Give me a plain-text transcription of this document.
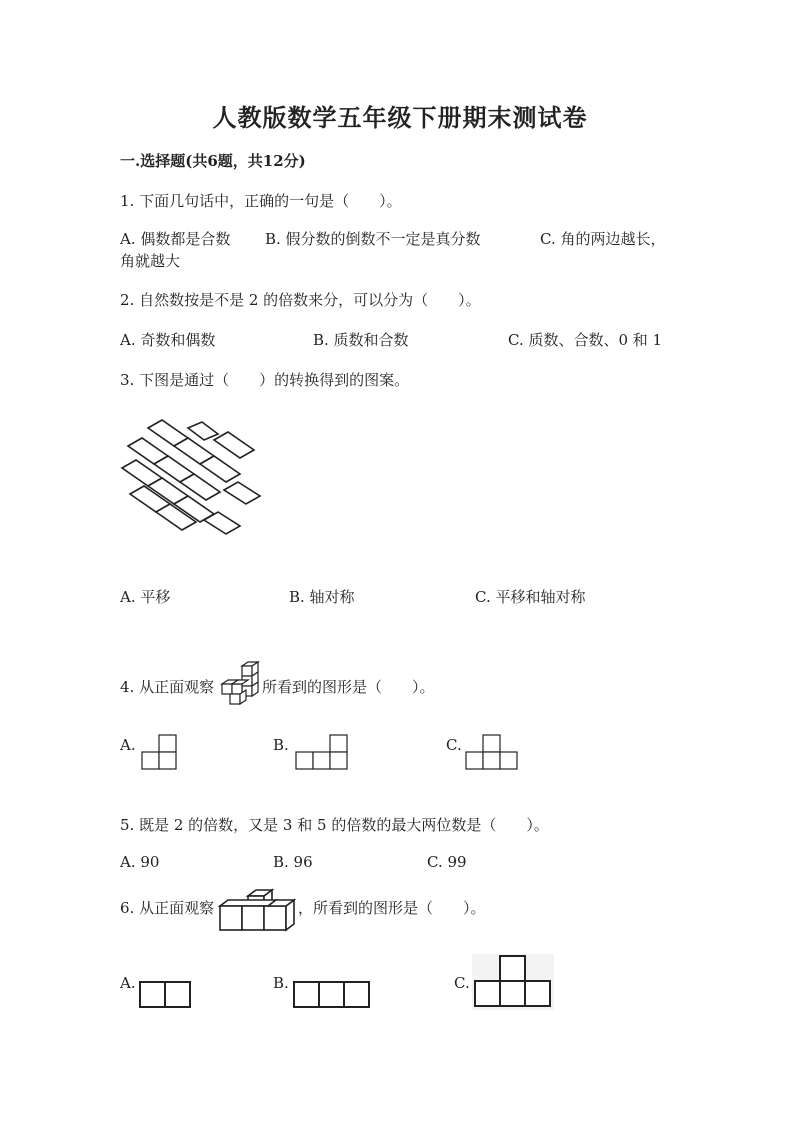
人教版数学五年级下册期末测试卷
一.选择题(共6题，共12分)
1. 下面几句话中，正确的一句是（　　）。
A. 偶数都是合数 B. 假分数的倒数不一定是真分数	C. 角的两边越长，
角就越大
2. 自然数按是不是 2 的倍数来分，可以分为（　　）。
A. 奇数和偶数	B. 质数和合数	C. 质数、合数、0 和 1
3. 下图是通过（　　）的转换得到的图案。
A. 平移	B. 轴对称	C. 平移和轴对称
4. 从正面观察	所看到的图形是（　　）。
A.	B.	C.
5. 既是 2 的倍数，又是 3 和 5 的倍数的最大两位数是（　　）。
A. 90	B. 96	C. 99
6. 从正面观察	，所看到的图形是（　　）。
A.	B.	C.
